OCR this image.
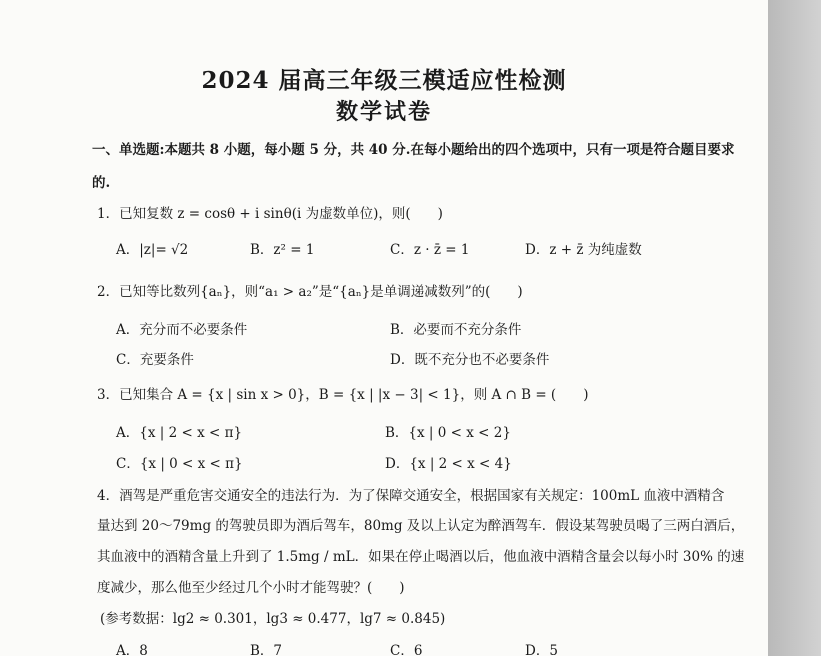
2024 届高三年级三模适应性检测
数学试卷
一、单选题:本题共 8 小题，每小题 5 分，共 40 分.在每小题给出的四个选项中，只有一项是符合题目要求
的.
1．已知复数 z = cosθ + i sinθ(i 为虚数单位)，则(　　)
A．|z|= √2	B．z² = 1	C．z · z̄ = 1	D．z + z̄ 为纯虚数
2．已知等比数列{aₙ}，则“a₁ > a₂”是“{aₙ}是单调递减数列”的(　　)
A．充分而不必要条件	B．必要而不充分条件
C．充要条件	D．既不充分也不必要条件
3．已知集合 A = {x | sin x > 0}，B = {x | |x − 3| < 1}，则 A ∩ B = (　　)
A．{x | 2 < x < π}	B．{x | 0 < x < 2}
C．{x | 0 < x < π}	D．{x | 2 < x < 4}
4．酒驾是严重危害交通安全的违法行为．为了保障交通安全，根据国家有关规定：100mL 血液中酒精含
量达到 20～79mg 的驾驶员即为酒后驾车，80mg 及以上认定为醉酒驾车．假设某驾驶员喝了三两白酒后，
其血液中的酒精含量上升到了 1.5mg / mL．如果在停止喝酒以后，他血液中酒精含量会以每小时 30% 的速
度减少，那么他至少经过几个小时才能驾驶？(　　)
(参考数据：lg2 ≈ 0.301，lg3 ≈ 0.477，lg7 ≈ 0.845)
A．8	B．7	C．6	D．5
